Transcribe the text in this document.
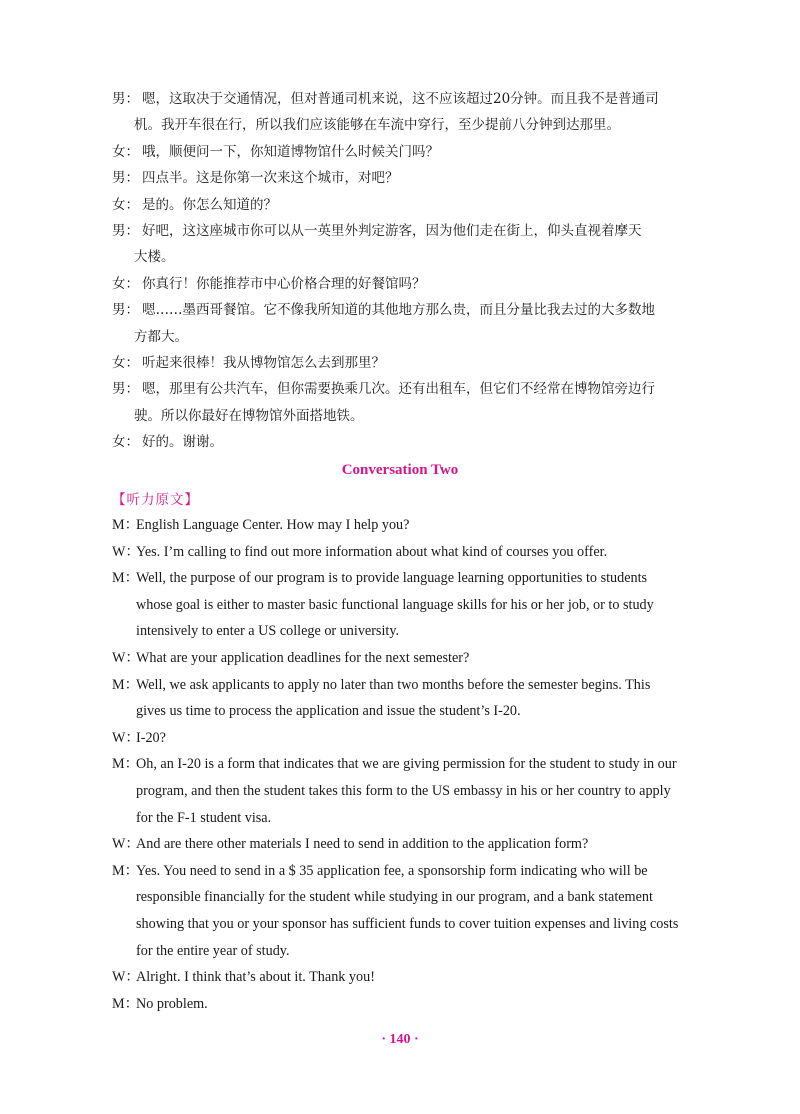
男： 嗯，这取决于交通情况，但对普通司机来说，这不应该超过20分钟。而且我不是普通司
机。我开车很在行，所以我们应该能够在车流中穿行，至少提前八分钟到达那里。
女： 哦，顺便问一下，你知道博物馆什么时候关门吗？
男： 四点半。这是你第一次来这个城市，对吧？
女： 是的。你怎么知道的？
男： 好吧，这这座城市你可以从一英里外判定游客，因为他们走在街上，仰头直视着摩天
大楼。
女： 你真行！你能推荐市中心价格合理的好餐馆吗？
男： 嗯……墨西哥餐馆。它不像我所知道的其他地方那么贵，而且分量比我去过的大多数地
方都大。
女： 听起来很棒！我从博物馆怎么去到那里？
男： 嗯，那里有公共汽车，但你需要换乘几次。还有出租车，但它们不经常在博物馆旁边行
驶。所以你最好在博物馆外面搭地铁。
女： 好的。谢谢。
Conversation Two
【听力原文】
M：
English Language Center. How may I help you?
W：
Yes. I’m calling to find out more information about what kind of courses you offer.
M：
Well, the purpose of our program is to provide language learning opportunities to students
whose goal is either to master basic functional language skills for his or her job, or to study
intensively to enter a US college or university.
W：
What are your application deadlines for the next semester?
M：
Well, we ask applicants to apply no later than two months before the semester begins. This
gives us time to process the application and issue the student’s I-20.
W：
I-20?
M：
Oh, an I-20 is a form that indicates that we are giving permission for the student to study in our
program, and then the student takes this form to the US embassy in his or her country to apply
for the F-1 student visa.
W：
And are there other materials I need to send in addition to the application form?
M：
Yes. You need to send in a $ 35 application fee, a sponsorship form indicating who will be
responsible financially for the student while studying in our program, and a bank statement
showing that you or your sponsor has sufficient funds to cover tuition expenses and living costs
for the entire year of study.
W：
Alright. I think that’s about it. Thank you!
M：
No problem.
· 140 ·
